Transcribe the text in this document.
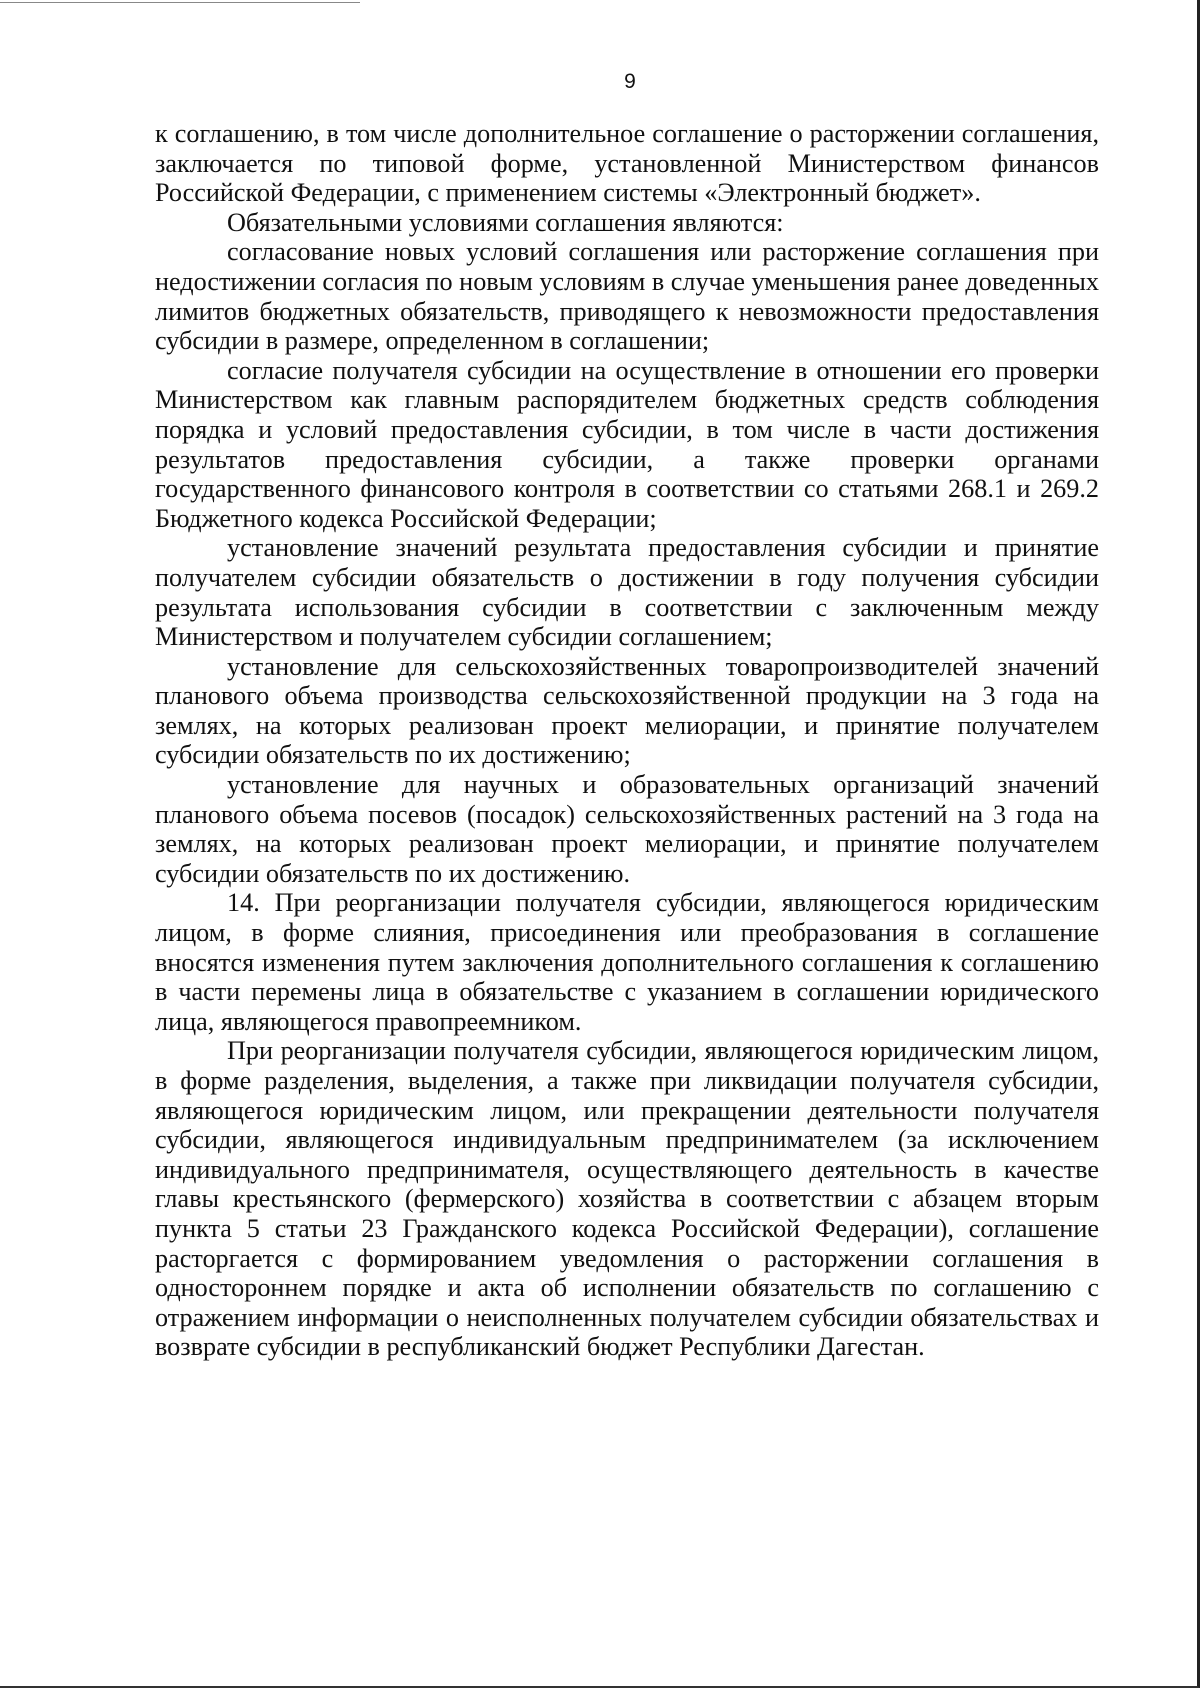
9

к соглашению, в том числе дополнительное соглашение о расторжении соглашения, заключается по типовой форме, установленной Министерством финансов Российской Федерации, с применением системы «Электронный бюджет».

Обязательными условиями соглашения являются:

согласование новых условий соглашения или расторжение соглашения при недостижении согласия по новым условиям в случае уменьшения ранее доведенных лимитов бюджетных обязательств, приводящего к невозможности предоставления субсидии в размере, определенном в соглашении;

согласие получателя субсидии на осуществление в отношении его проверки Министерством как главным распорядителем бюджетных средств соблюдения порядка и условий предоставления субсидии, в том числе в части достижения результатов предоставления субсидии, а также проверки органами государственного финансового контроля в соответствии со статьями 268.1 и 269.2 Бюджетного кодекса Российской Федерации;

установление значений результата предоставления субсидии и принятие получателем субсидии обязательств о достижении в году получения субсидии результата использования субсидии в соответствии с заключенным между Министерством и получателем субсидии соглашением;

установление для сельскохозяйственных товаропроизводителей значений планового объема производства сельскохозяйственной продукции на 3 года на землях, на которых реализован проект мелиорации, и принятие получателем субсидии обязательств по их достижению;

установление для научных и образовательных организаций значений планового объема посевов (посадок) сельскохозяйственных растений на 3 года на землях, на которых реализован проект мелиорации, и принятие получателем субсидии обязательств по их достижению.

14. При реорганизации получателя субсидии, являющегося юридическим лицом, в форме слияния, присоединения или преобразования в соглашение вносятся изменения путем заключения дополнительного соглашения к соглашению в части перемены лица в обязательстве с указанием в соглашении юридического лица, являющегося правопреемником.

При реорганизации получателя субсидии, являющегося юридическим лицом, в форме разделения, выделения, а также при ликвидации получателя субсидии, являющегося юридическим лицом, или прекращении деятельности получателя субсидии, являющегося индивидуальным предпринимателем (за исключением индивидуального предпринимателя, осуществляющего деятельность в качестве главы крестьянского (фермерского) хозяйства в соответствии с абзацем вторым пункта 5 статьи 23 Гражданского кодекса Российской Федерации), соглашение расторгается с формированием уведомления о расторжении соглашения в одностороннем порядке и акта об исполнении обязательств по соглашению с отражением информации о неисполненных получателем субсидии обязательствах и возврате субсидии в республиканский бюджет Республики Дагестан.
